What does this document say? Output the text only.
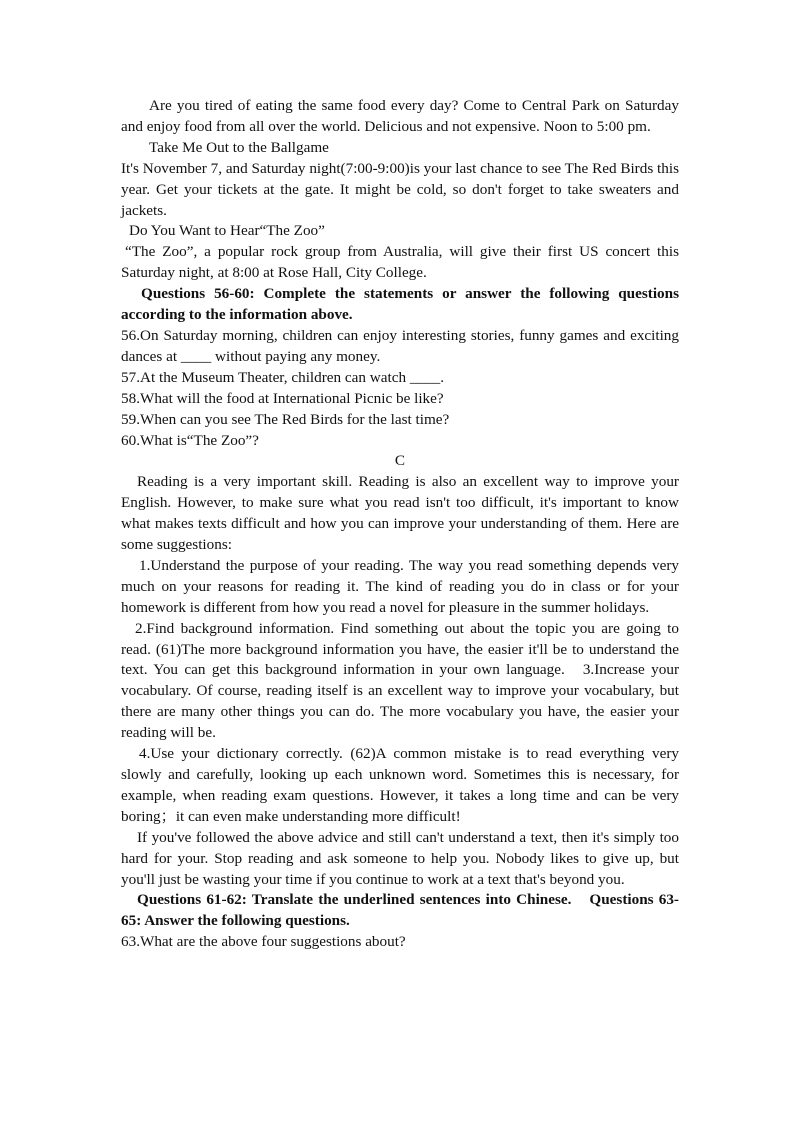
Are you tired of eating the same food every day? Come to Central Park on Saturday and enjoy food from all over the world. Delicious and not expensive. Noon to 5:00 pm.

Take Me Out to the Ballgame

It's November 7, and Saturday night(7:00-9:00)is your last chance to see The Red Birds this year. Get your tickets at the gate. It might be cold, so don't forget to take sweaters and jackets.

Do You Want to Hear“The Zoo”

“The Zoo”, a popular rock group from Australia, will give their first US concert this Saturday night, at 8:00 at Rose Hall, City College.

Questions 56-60: Complete the statements or answer the following questions according to the information above.

56.On Saturday morning, children can enjoy interesting stories, funny games and exciting dances at ____ without paying any money.

57.At the Museum Theater, children can watch ____.

58.What will the food at International Picnic be like?

59.When can you see The Red Birds for the last time?

60.What is“The Zoo”?

C

Reading is a very important skill. Reading is also an excellent way to improve your English. However, to make sure what you read isn't too difficult, it's important to know what makes texts difficult and how you can improve your understanding of them. Here are some suggestions:

1.Understand the purpose of your reading. The way you read something depends very much on your reasons for reading it. The kind of reading you do in class or for your homework is different from how you read a novel for pleasure in the summer holidays.

2.Find background information. Find something out about the topic you are going to read. (61)The more background information you have, the easier it'll be to understand the text. You can get this background information in your own language. 3.Increase your vocabulary. Of course, reading itself is an excellent way to improve your vocabulary, but there are many other things you can do. The more vocabulary you have, the easier your reading will be.

4.Use your dictionary correctly. (62)A common mistake is to read everything very slowly and carefully, looking up each unknown word. Sometimes this is necessary, for example, when reading exam questions. However, it takes a long time and can be very boring；it can even make understanding more difficult!

If you've followed the above advice and still can't understand a text, then it's simply too hard for your. Stop reading and ask someone to help you. Nobody likes to give up, but you'll just be wasting your time if you continue to work at a text that's beyond you.

Questions 61-62: Translate the underlined sentences into Chinese. Questions 63-65: Answer the following questions.

63.What are the above four suggestions about?
